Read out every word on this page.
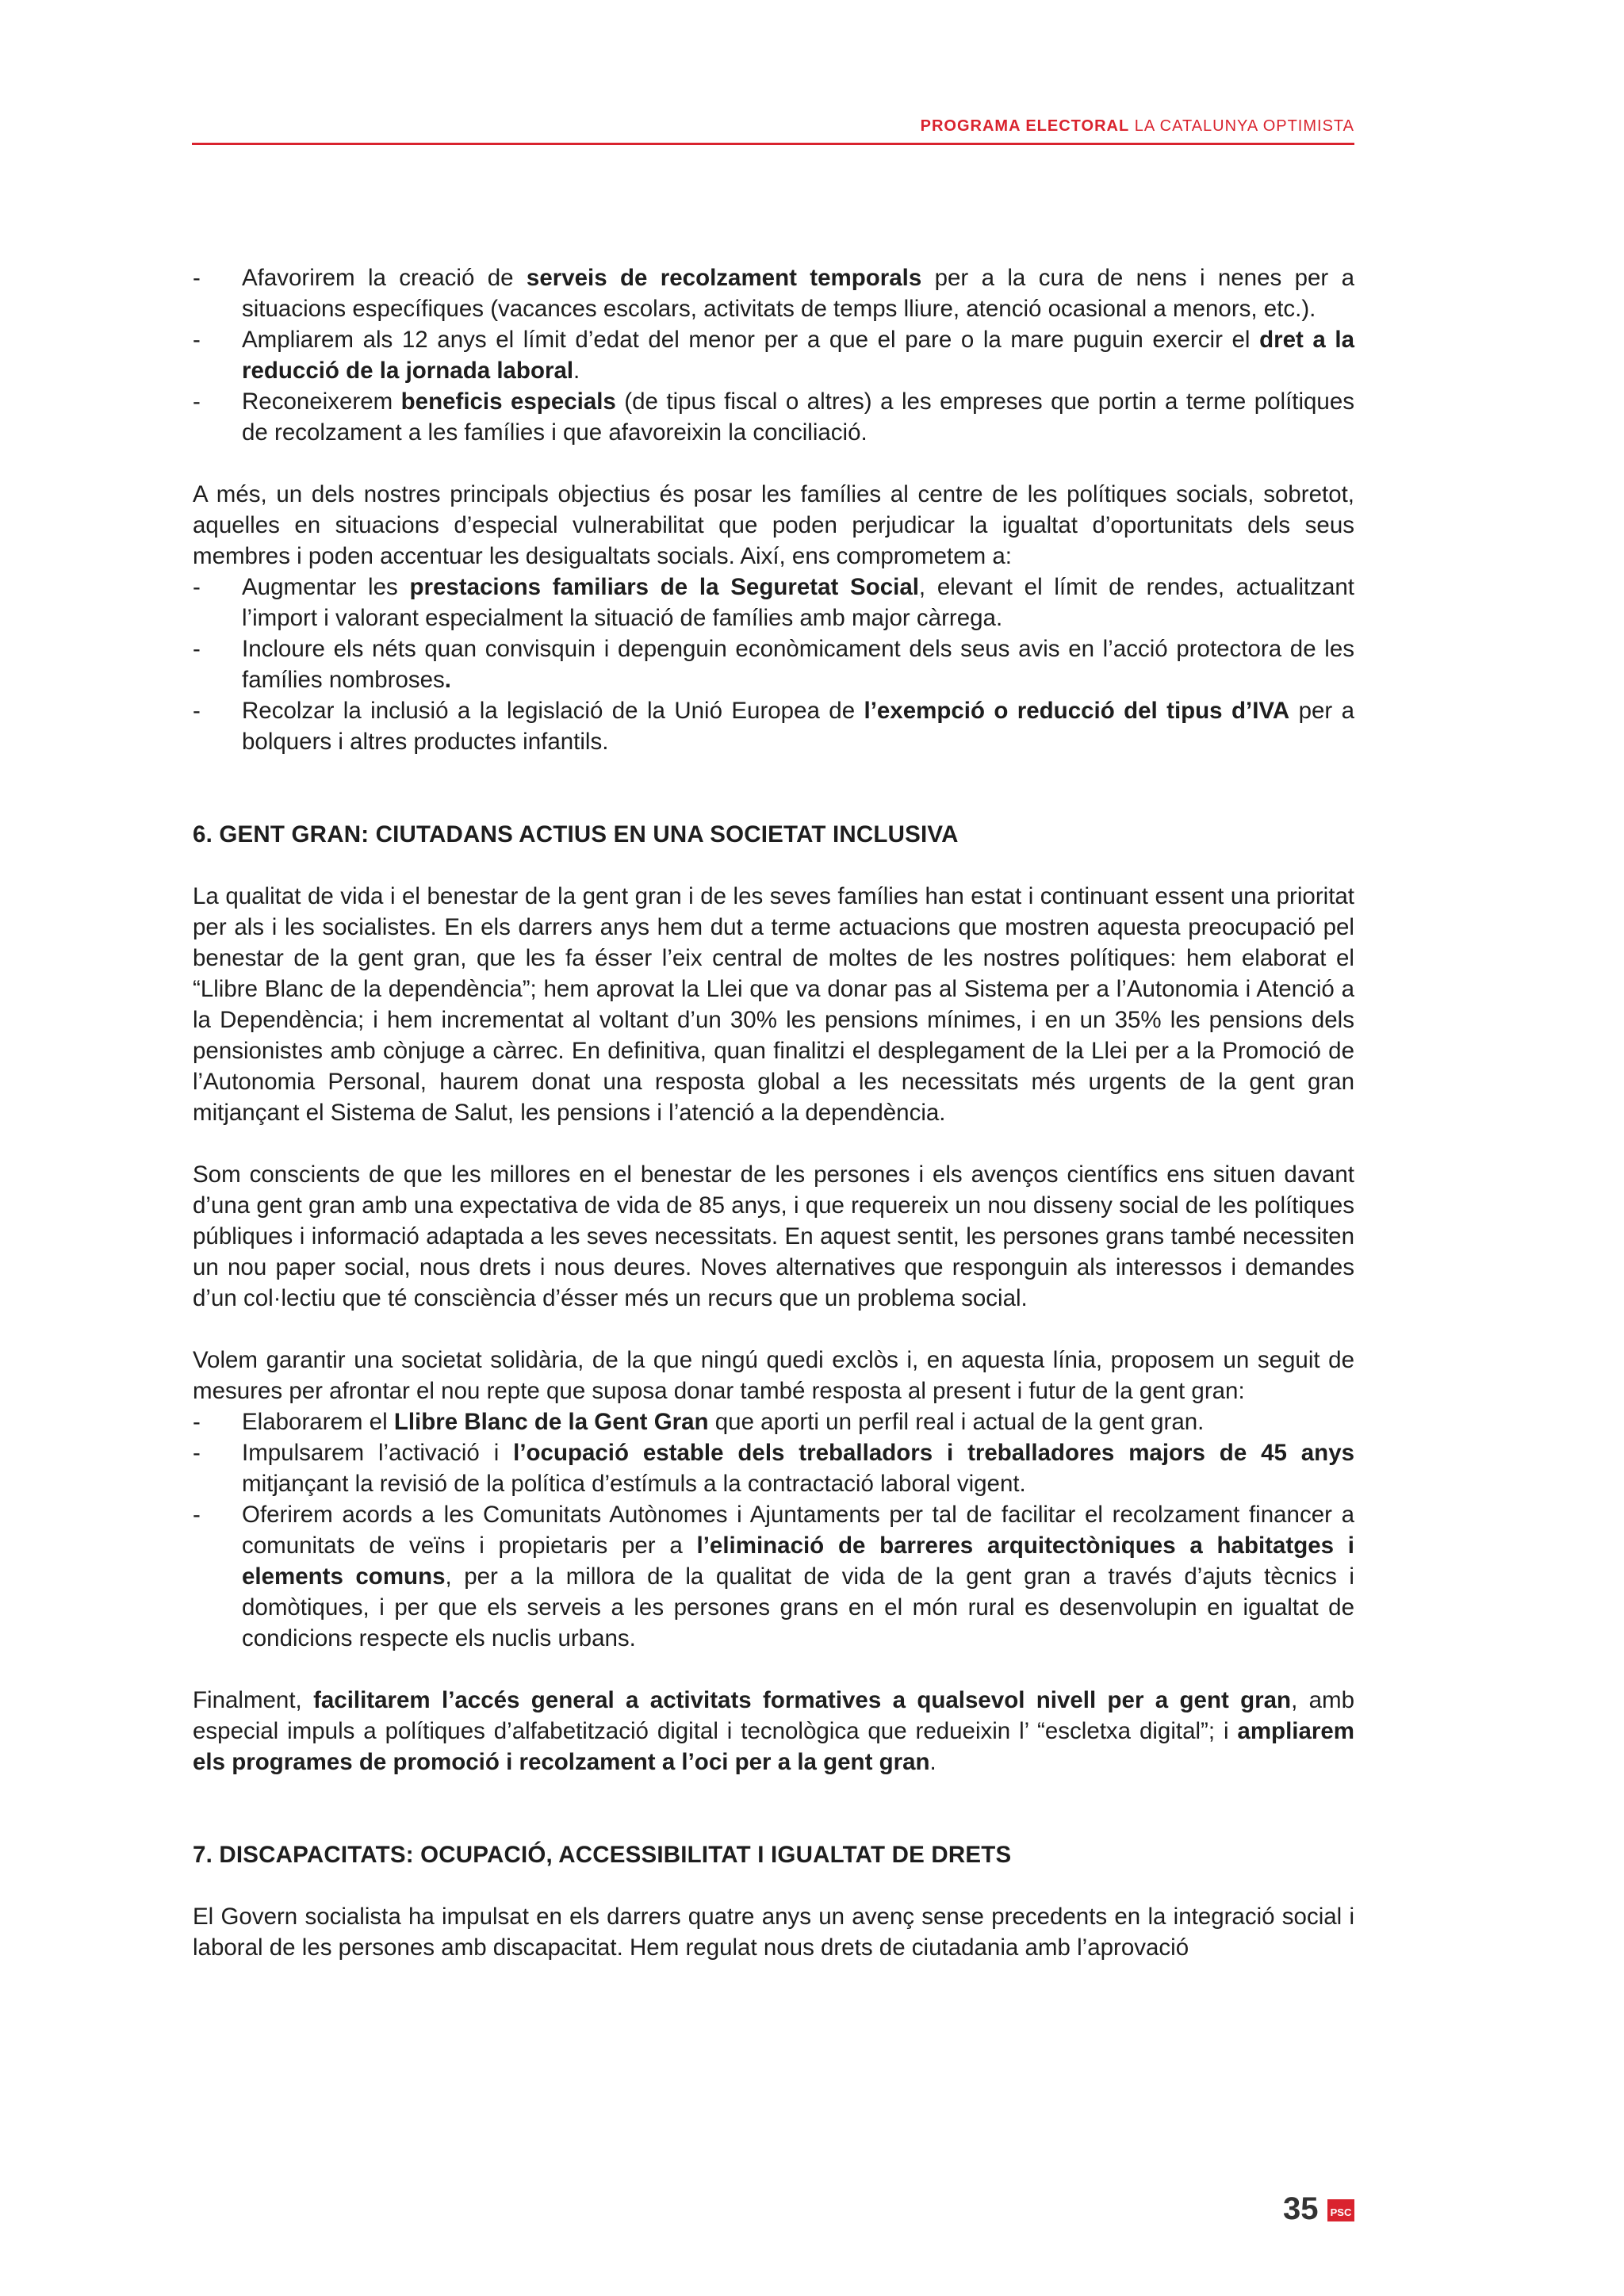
PROGRAMA ELECTORAL LA CATALUNYA OPTIMISTA
- Afavorirem la creació de serveis de recolzament temporals per a la cura de nens i nenes per a situacions específiques (vacances escolars, activitats de temps lliure, atenció ocasional a menors, etc.).
- Ampliarem als 12 anys el límit d’edat del menor per a que el pare o la mare puguin exercir el dret a la reducció de la jornada laboral.
- Reconeixerem beneficis especials (de tipus fiscal o altres) a les empreses que portin a terme polítiques de recolzament a les famílies i que afavoreixin la conciliació.

A més, un dels nostres principals objectius és posar les famílies al centre de les polítiques socials, sobretot, aquelles en situacions d’especial vulnerabilitat que poden perjudicar la igualtat d’oportunitats dels seus membres i poden accentuar les desigualtats socials. Així, ens comprometem a:

- Augmentar les prestacions familiars de la Seguretat Social, elevant el límit de rendes, actualitzant l’import i valorant especialment la situació de famílies amb major càrrega.
- Incloure els néts quan convisquin i depenguin econòmicament dels seus avis en l’acció protectora de les famílies nombroses.
- Recolzar la inclusió a la legislació de la Unió Europea de l’exempció o reducció del tipus d’IVA per a bolquers i altres productes infantils.
6. GENT GRAN: CIUTADANS ACTIUS EN UNA SOCIETAT INCLUSIVA

La qualitat de vida i el benestar de la gent gran i de les seves famílies han estat i continuant essent una prioritat per als i les socialistes. En els darrers anys hem dut a terme actuacions que mostren aquesta preocupació pel benestar de la gent gran, que les fa ésser l’eix central de moltes de les nostres polítiques: hem elaborat el “Llibre Blanc de la dependència”; hem aprovat la Llei que va donar pas al Sistema per a l’Autonomia i Atenció a la Dependència; i hem incrementat al voltant d’un 30% les pensions mínimes, i en un 35% les pensions dels pensionistes amb cònjuge a càrrec. En definitiva, quan finalitzi el desplegament de la Llei per a la Promoció de l’Autonomia Personal, haurem donat una resposta global a les necessitats més urgents de la gent gran mitjançant el Sistema de Salut, les pensions i l’atenció a la dependència.

Som conscients de que les millores en el benestar de les persones i els avenços científics ens situen davant d’una gent gran amb una expectativa de vida de 85 anys, i que requereix un nou disseny social de les polítiques públiques i informació adaptada a les seves necessitats. En aquest sentit, les persones grans també necessiten un nou paper social, nous drets i nous deures. Noves alternatives que responguin als interessos i demandes d’un col·lectiu que té consciència d’ésser més un recurs que un problema social.

Volem garantir una societat solidària, de la que ningú quedi exclòs i, en aquesta línia, proposem un seguit de mesures per afrontar el nou repte que suposa donar també resposta al present i futur de la gent gran:

- Elaborarem el Llibre Blanc de la Gent Gran que aporti un perfil real i actual de la gent gran.
- Impulsarem l’activació i l’ocupació estable dels treballadors i treballadores majors de 45 anys mitjançant la revisió de la política d’estímuls a la contractació laboral vigent.
- Oferirem acords a les Comunitats Autònomes i Ajuntaments per tal de facilitar el recolzament financer a comunitats de veïns i propietaris per a l’eliminació de barreres arquitectòniques a habitatges i elements comuns, per a la millora de la qualitat de vida de la gent gran a través d’ajuts tècnics i domòtiques, i per que els serveis a les persones grans en el món rural es desenvolupin en igualtat de condicions respecte els nuclis urbans.

Finalment, facilitarem l’accés general a activitats formatives a qualsevol nivell per a gent gran, amb especial impuls a polítiques d’alfabetització digital i tecnològica que redueixin l’ “escletxa digital”; i ampliarem els programes de promoció i recolzament a l’oci per a la gent gran.

7. DISCAPACITATS: OCUPACIÓ, ACCESSIBILITAT I IGUALTAT DE DRETS

El Govern socialista ha impulsat en els darrers quatre anys un avenç sense precedents en la integració social i laboral de les persones amb discapacitat. Hem regulat nous drets de ciutadania amb l’aprovació

35 PSC
